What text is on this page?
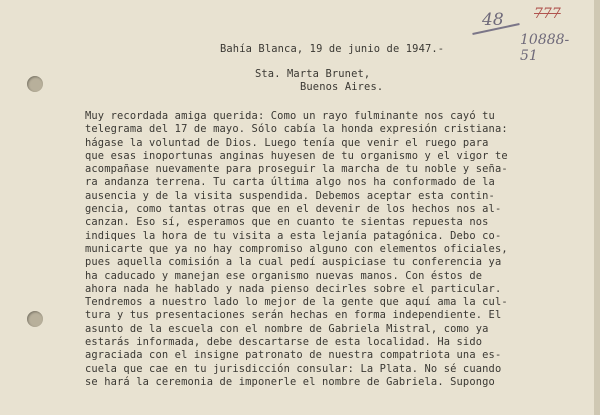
48 777
10888-51
Bahía Blanca, 19 de junio de 1947.-
Sta. Marta Brunet,
Buenos Aires.
Muy recordada amiga querida: Como un rayo fulminante nos cayó tu
telegrama del 17 de mayo. Sólo cabía la honda expresión cristiana:
hágase la voluntad de Dios. Luego tenía que venir el ruego para
que esas inoportunas anginas huyesen de tu organismo y el vigor te
acompañase nuevamente para proseguir la marcha de tu noble y seña-
ra andanza terrena. Tu carta última algo nos ha conformado de la
ausencia y de la visita suspendida. Debemos aceptar esta contin-
gencia, como tantas otras que en el devenir de los hechos nos al-
canzan. Eso sí, esperamos que en cuanto te sientas repuesta nos
indiques la hora de tu visita a esta lejanía patagónica. Debo co-
municarte que ya no hay compromiso alguno con elementos oficiales,
pues aquella comisión a la cual pedí auspiciase tu conferencia ya
ha caducado y manejan ese organismo nuevas manos. Con éstos de
ahora nada he hablado y nada pienso decirles sobre el particular.
Tendremos a nuestro lado lo mejor de la gente que aquí ama la cul-
tura y tus presentaciones serán hechas en forma independiente. El
asunto de la escuela con el nombre de Gabriela Mistral, como ya
estarás informada, debe descartarse de esta localidad. Ha sido
agraciada con el insigne patronato de nuestra compatriota una es-
cuela que cae en tu jurisdicción consular: La Plata. No sé cuando
se hará la ceremonia de imponerle el nombre de Gabriela. Supongo
